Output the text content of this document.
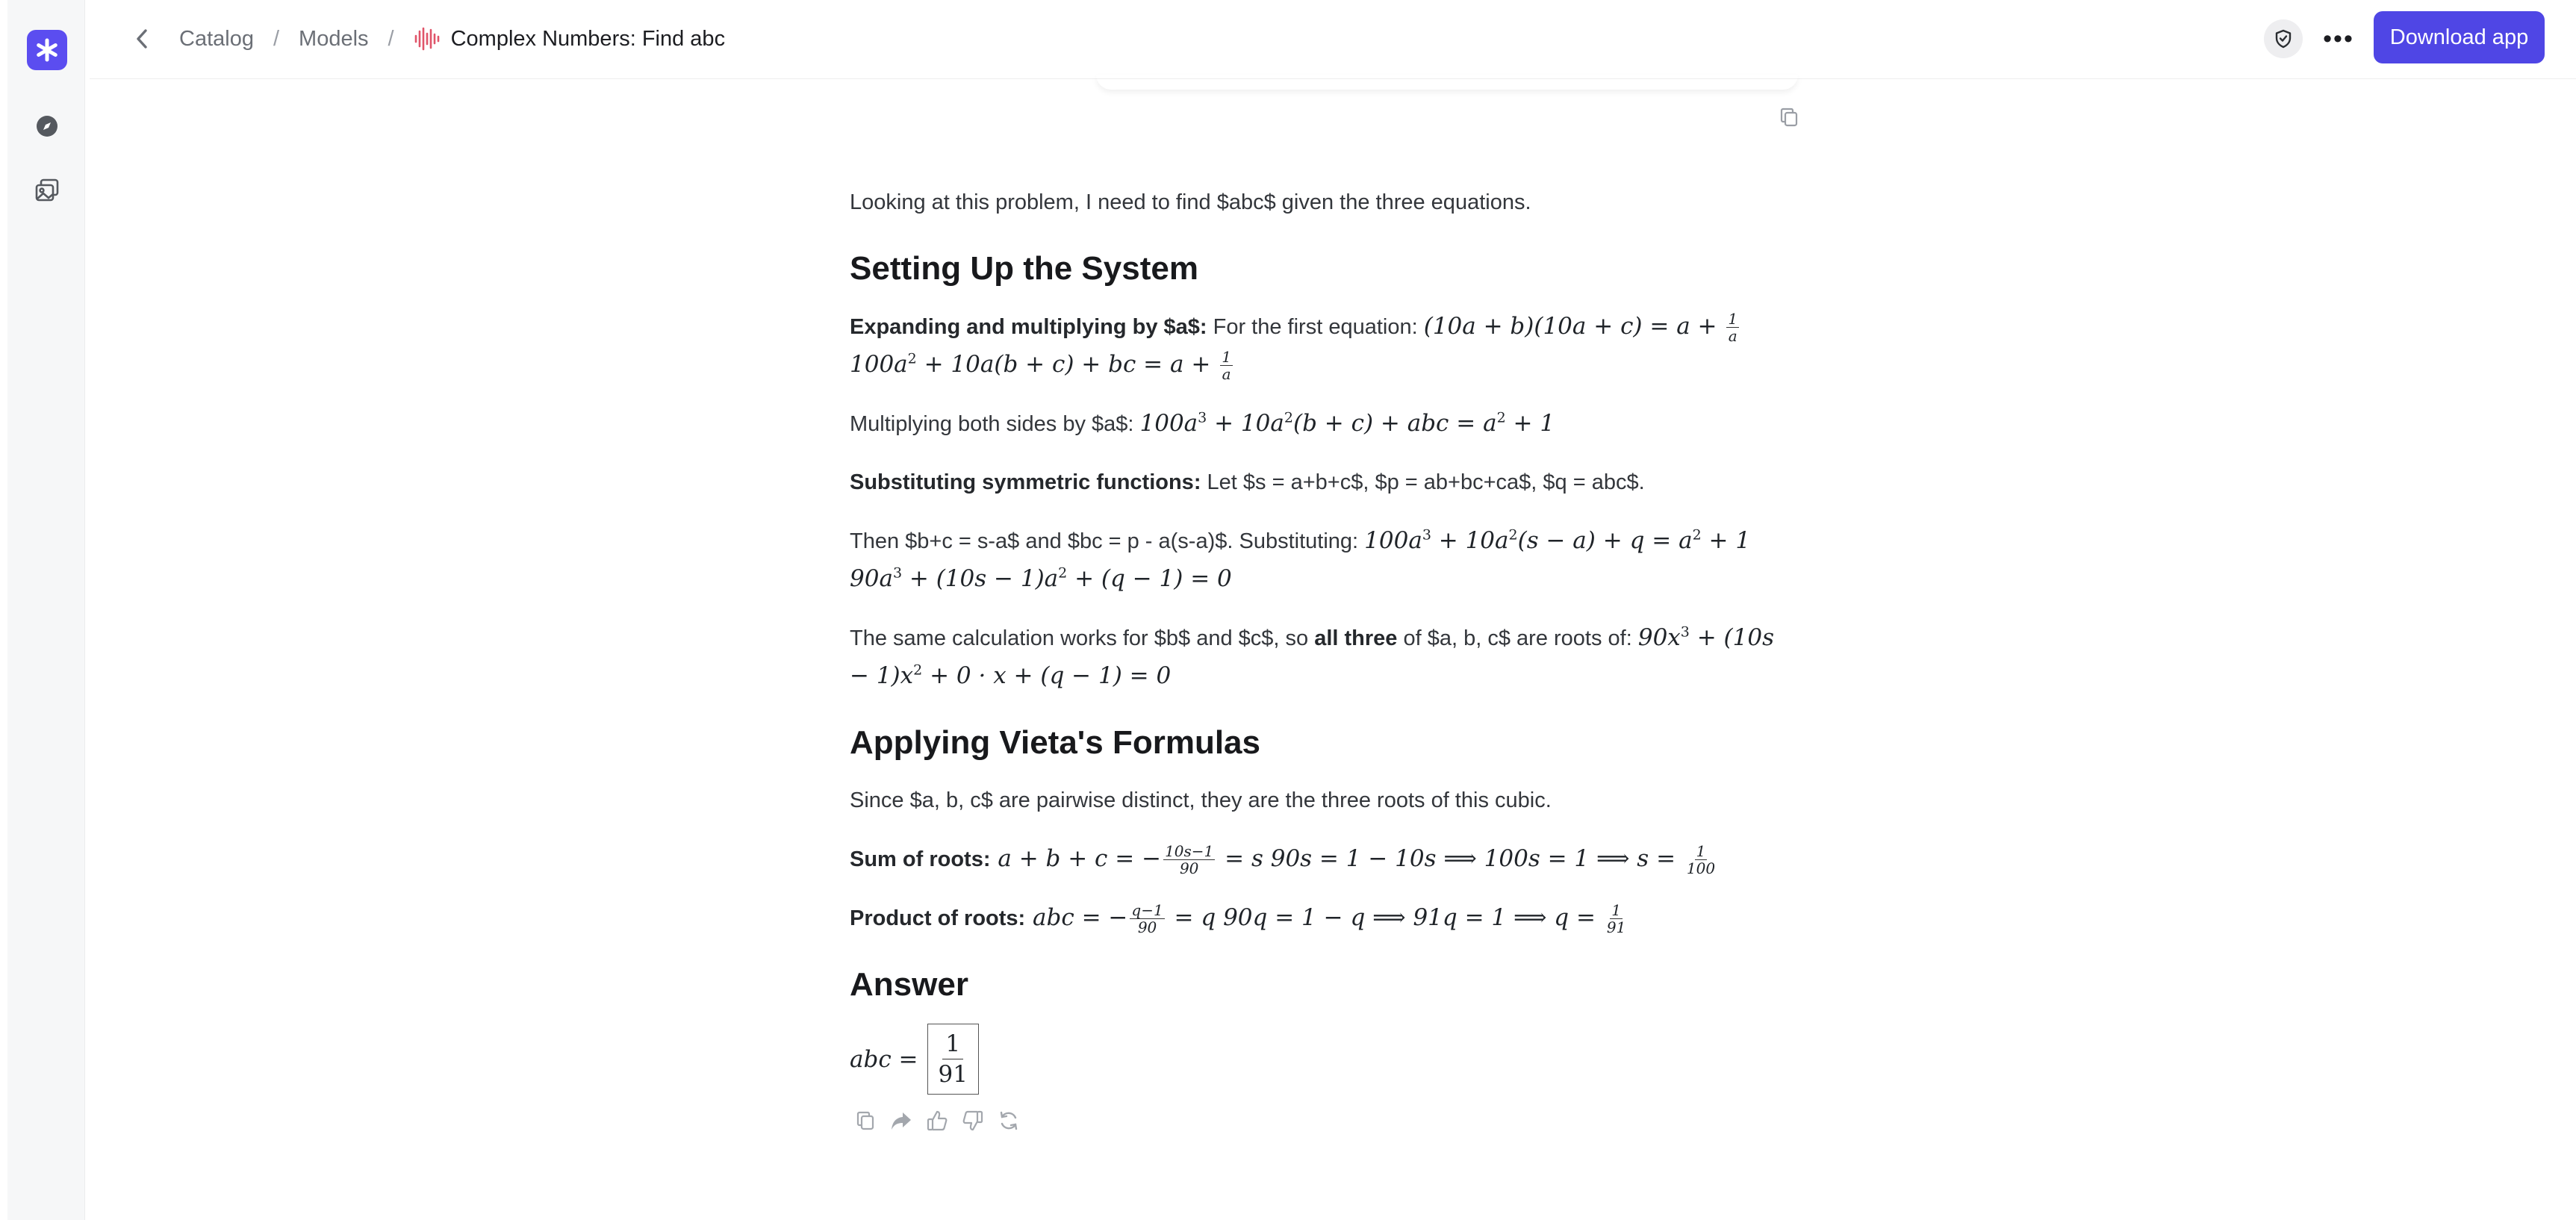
Catalog / Models /	Complex Numbers: Find abc	•••	Download app

Looking at this problem, I need to find $abc$ given the three equations.

Setting Up the System

Expanding and multiplying by $a$: For the first equation: $(10a + b)(10a + c) = a + \frac{1}{a}$
$100a^2 + 10a(b + c)$ + bc = $a + \frac{1}{a}$

Multiplying both sides by $a$: $100a^3 + 10a^2(b + c)$ + abc = $a^2 + 1$

Substituting symmetric functions: Let $s = a+b+c$, $p = ab+bc+ca$, $q = abc$.

Then $b+c = s-a$ and $bc = p - a(s-a)$. Substituting: $100a^3 + 10a^2(s - a) + q = a^2 + 1$ $90a^3 + (10s - 1)a^2 + (q - 1) = 0$

The same calculation works for $b$ and $c$, so all three of $a, b, c$ are roots of: $90x^3 + (10s - 1)x^2 + 0 \cdot x + (q - 1) = 0$

Applying Vieta's Formulas

Since $a, b, c$ are pairwise distinct, they are the three roots of this cubic.

Sum of roots: a + b + c = − $\frac{10s-1}{90} = s$ 90s = 1 − 10s ⟹ 100s = 1 ⟹ $s = \frac{1}{100}$

Product of roots: abc = − $\frac{q-1}{90} = q$ 90q = 1 − q ⟹ 91q = 1 ⟹ $q = \frac{1}{91}$

Answer
abc = $\frac{1}{91}$
